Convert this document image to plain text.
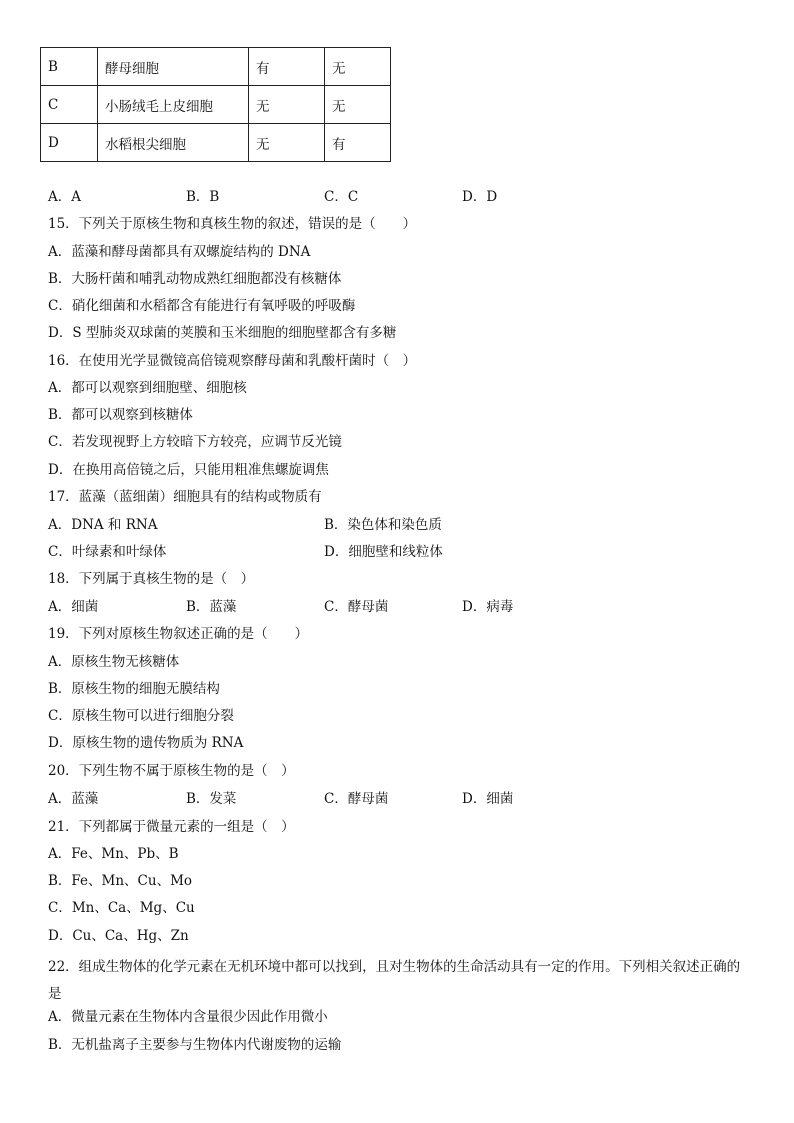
B	酵母细胞	有	无
C	小肠绒毛上皮细胞	无	无
D	水稻根尖细胞	无	有
A．A	B．B	C．C	D．D
15．下列关于原核生物和真核生物的叙述，错误的是（　　）
A．蓝藻和酵母菌都具有双螺旋结构的 DNA
B．大肠杆菌和哺乳动物成熟红细胞都没有核糖体
C．硝化细菌和水稻都含有能进行有氧呼吸的呼吸酶
D．S 型肺炎双球菌的荚膜和玉米细胞的细胞壁都含有多糖
16．在使用光学显微镜高倍镜观察酵母菌和乳酸杆菌时（　）
A．都可以观察到细胞壁、细胞核
B．都可以观察到核糖体
C．若发现视野上方较暗下方较亮，应调节反光镜
D．在换用高倍镜之后，只能用粗准焦螺旋调焦
17．蓝藻（蓝细菌）细胞具有的结构或物质有
A．DNA 和 RNA	B．染色体和染色质
C．叶绿素和叶绿体	D．细胞壁和线粒体
18．下列属于真核生物的是（　）
A．细菌	B．蓝藻	C．酵母菌	D．病毒
19．下列对原核生物叙述正确的是（　　）
A．原核生物无核糖体
B．原核生物的细胞无膜结构
C．原核生物可以进行细胞分裂
D．原核生物的遗传物质为 RNA
20．下列生物不属于原核生物的是（　）
A．蓝藻	B．发菜	C．酵母菌	D．细菌
21．下列都属于微量元素的一组是（　）
A．Fe、Mn、Pb、B
B．Fe、Mn、Cu、Mo
C．Mn、Ca、Mg、Cu
D．Cu、Ca、Hg、Zn
22．组成生物体的化学元素在无机环境中都可以找到，且对生物体的生命活动具有一定的作用。下列相关叙述正确的是
A．微量元素在生物体内含量很少因此作用微小
B．无机盐离子主要参与生物体内代谢废物的运输
